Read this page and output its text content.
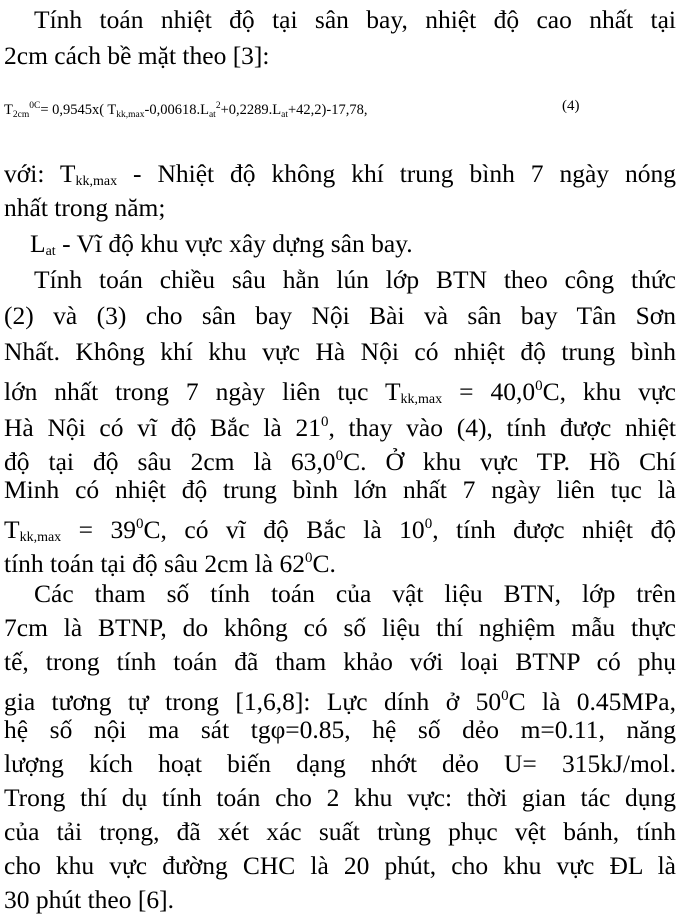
Tính toán nhiệt độ tại sân bay, nhiệt độ cao nhất tại
2cm cách bề mặt theo [3]:
$T_{2cm}^{0C}= 0,9545x$( $T_{kk,max}-0,00618.L_{at}^2+0,2289.L_{at}+42,2)-17,78$,	(4)
với: $T_{kk,max}$ - Nhiệt độ không khí trung bình 7 ngày nóng
nhất trong năm;
$L_{at}$ - Vĩ độ khu vực xây dựng sân bay.
Tính toán chiều sâu hằn lún lớp BTN theo công thức
(2) và (3) cho sân bay Nội Bài và sân bay Tân Sơn
Nhất. Không khí khu vực Hà Nội có nhiệt độ trung bình
lớn nhất trong 7 ngày liên tục $T_{kk,max} = 40,0^0C$, khu vực
Hà Nội có vĩ độ Bắc là $21^0$, thay vào (4), tính được nhiệt
độ tại độ sâu 2cm là 63,0$^0$C. Ở khu vực TP. Hồ Chí
Minh có nhiệt độ trung bình lớn nhất 7 ngày liên tục là
$T_{kk,max} = 39^0C$, có vĩ độ Bắc là $10^0$, tính được nhiệt độ
tính toán tại độ sâu 2cm là $62^0C$.
Các tham số tính toán của vật liệu BTN, lớp trên
7cm là BTNP, do không có số liệu thí nghiệm mẫu thực
tế, trong tính toán đã tham khảo với loại BTNP có phụ
gia tương tự trong [1,6,8]: Lực dính ở $50^0C$ là 0.45MPa,
hệ số nội ma sát tgφ=0.85, hệ số dẻo m=0.11, năng
lượng kích hoạt biến dạng nhớt dẻo U= 315kJ/mol.
Trong thí dụ tính toán cho 2 khu vực: thời gian tác dụng
của tải trọng, đã xét xác suất trùng phục vệt bánh, tính
cho khu vực đường CHC là 20 phút, cho khu vực ĐL là
30 phút theo [6].
